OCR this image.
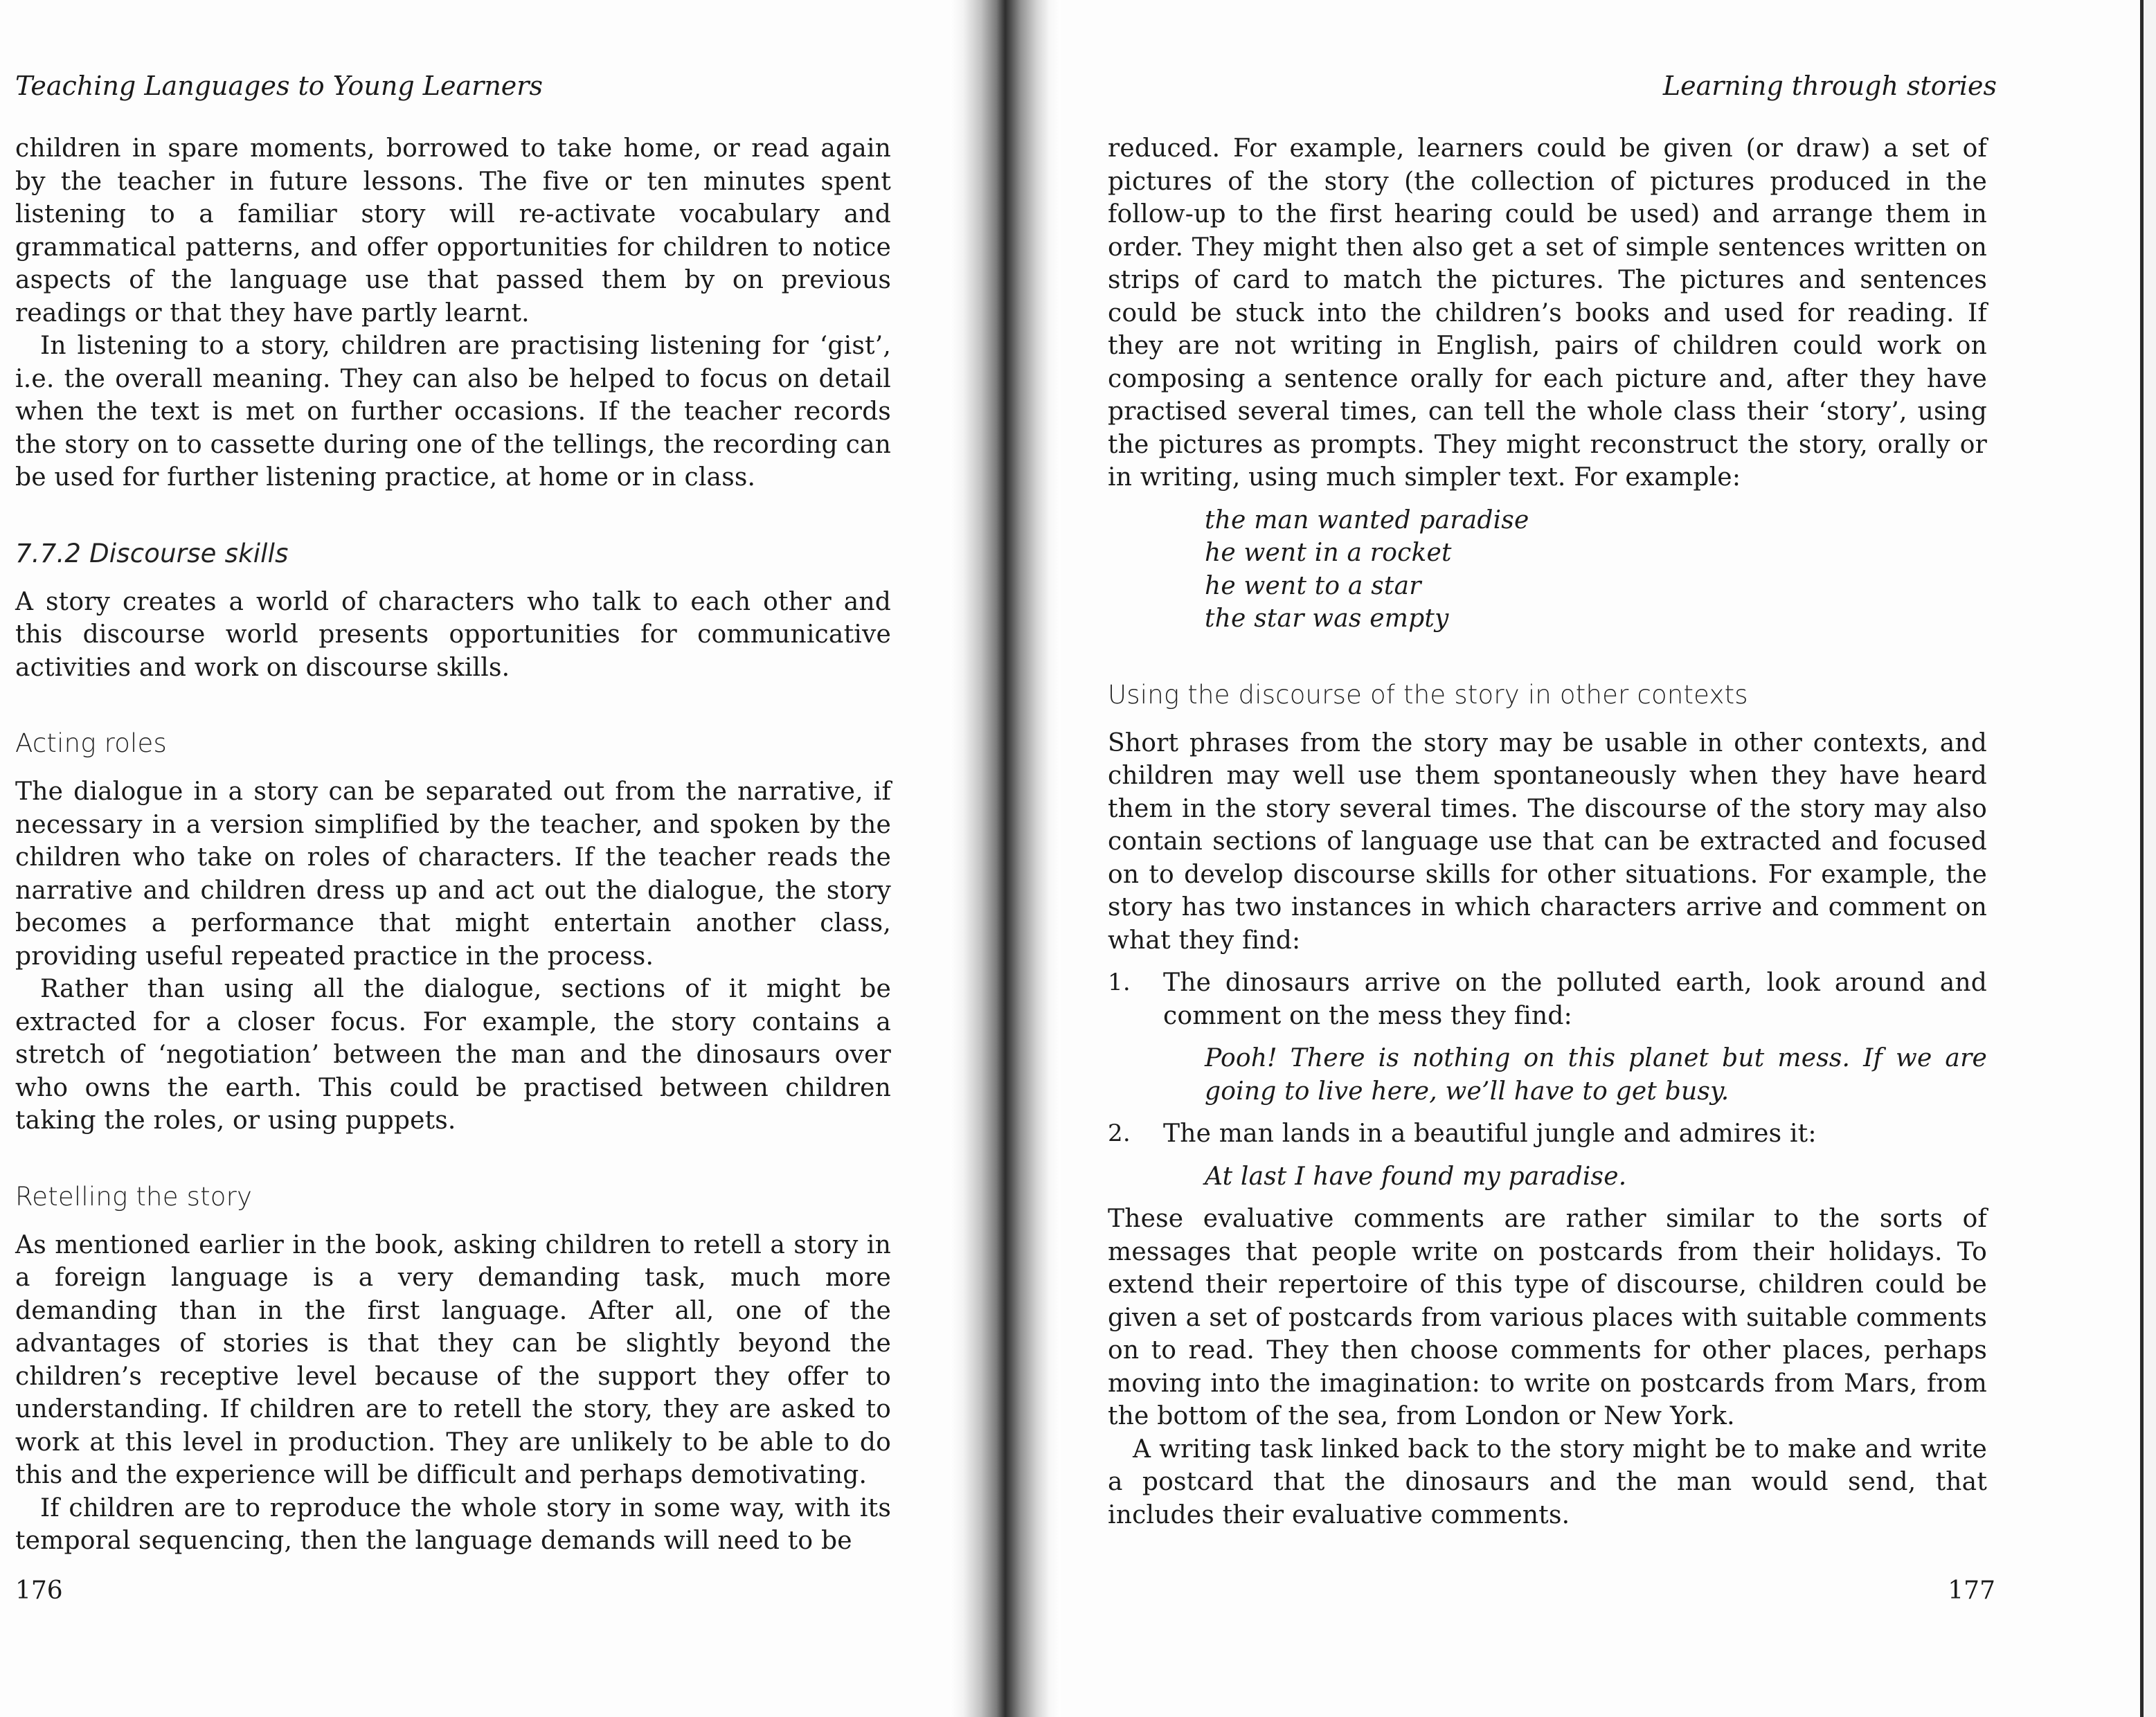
Teaching Languages to Young Learners

children in spare moments, borrowed to take home, or read again by the teacher in future lessons. The five or ten minutes spent listening to a familiar story will re-activate vocabulary and grammatical patterns, and offer opportunities for children to notice aspects of the language use that passed them by on previous readings or that they have partly learnt.

In listening to a story, children are practising listening for ‘gist’, i.e. the overall meaning. They can also be helped to focus on detail when the text is met on further occasions. If the teacher records the story on to cassette during one of the tellings, the recording can be used for further listening practice, at home or in class.

7.7.2 Discourse skills

A story creates a world of characters who talk to each other and this discourse world presents opportunities for communicative activities and work on discourse skills.

Acting roles

The dialogue in a story can be separated out from the narrative, if necessary in a version simplified by the teacher, and spoken by the children who take on roles of characters. If the teacher reads the narrative and children dress up and act out the dialogue, the story becomes a performance that might entertain another class, providing useful repeated practice in the process.

Rather than using all the dialogue, sections of it might be extracted for a closer focus. For example, the story contains a stretch of ‘negotiation’ between the man and the dinosaurs over who owns the earth. This could be practised between children taking the roles, or using puppets.

Retelling the story

As mentioned earlier in the book, asking children to retell a story in a foreign language is a very demanding task, much more demanding than in the first language. After all, one of the advantages of stories is that they can be slightly beyond the children’s receptive level because of the support they offer to understanding. If children are to retell the story, they are asked to work at this level in production. They are unlikely to be able to do this and the experience will be difficult and perhaps demotivating.

If children are to reproduce the whole story in some way, with its temporal sequencing, then the language demands will need to be

176
Learning through stories

reduced. For example, learners could be given (or draw) a set of pictures of the story (the collection of pictures produced in the follow-up to the first hearing could be used) and arrange them in order. They might then also get a set of simple sentences written on strips of card to match the pictures. The pictures and sentences could be stuck into the children’s books and used for reading. If they are not writing in English, pairs of children could work on composing a sentence orally for each picture and, after they have practised several times, can tell the whole class their ‘story’, using the pictures as prompts. They might reconstruct the story, orally or in writing, using much simpler text. For example:

the man wanted paradise
he went in a rocket
he went to a star
the star was empty

Using the discourse of the story in other contexts

Short phrases from the story may be usable in other contexts, and children may well use them spontaneously when they have heard them in the story several times. The discourse of the story may also contain sections of language use that can be extracted and focused on to develop discourse skills for other situations. For example, the story has two instances in which characters arrive and comment on what they find:

1. The dinosaurs arrive on the polluted earth, look around and comment on the mess they find:

Pooh! There is nothing on this planet but mess. If we are going to live here, we’ll have to get busy.

2. The man lands in a beautiful jungle and admires it:

At last I have found my paradise.

These evaluative comments are rather similar to the sorts of messages that people write on postcards from their holidays. To extend their repertoire of this type of discourse, children could be given a set of postcards from various places with suitable comments on to read. They then choose comments for other places, perhaps moving into the imagination: to write on postcards from Mars, from the bottom of the sea, from London or New York.

A writing task linked back to the story might be to make and write a postcard that the dinosaurs and the man would send, that includes their evaluative comments.

177
